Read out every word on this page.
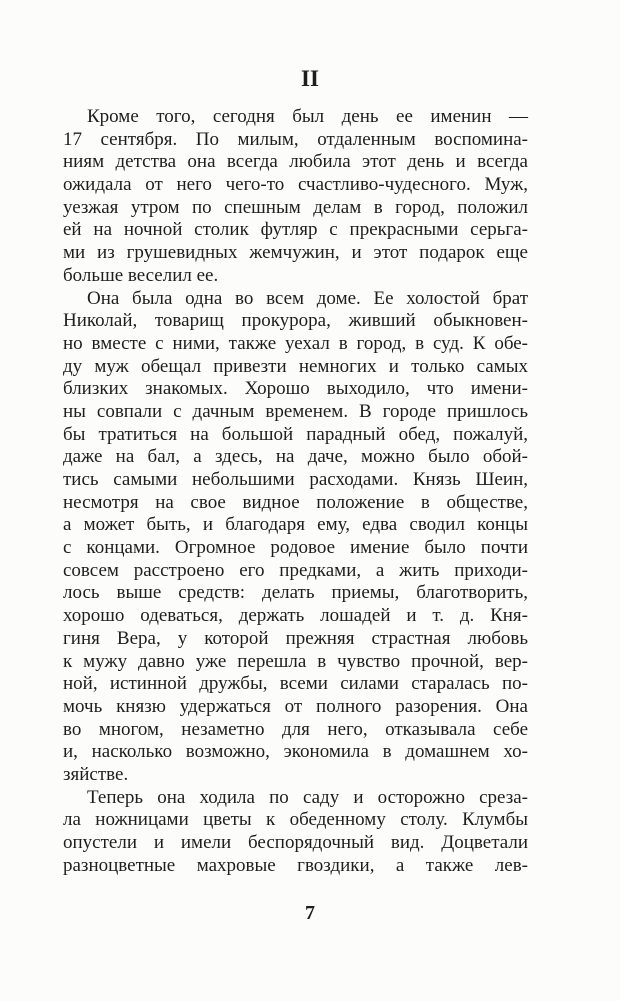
II
Кроме того, сегодня был день ее именин —
17 сентября. По милым, отдаленным воспомина-
ниям детства она всегда любила этот день и всегда
ожидала от него чего-то счастливо-чудесного. Муж,
уезжая утром по спешным делам в город, положил
ей на ночной столик футляр с прекрасными серьга-
ми из грушевидных жемчужин, и этот подарок еще
больше веселил ее.
Она была одна во всем доме. Ее холостой брат
Николай, товарищ прокурора, живший обыкновен-
но вместе с ними, также уехал в город, в суд. К обе-
ду муж обещал привезти немногих и только самых
близких знакомых. Хорошо выходило, что имени-
ны совпали с дачным временем. В городе пришлось
бы тратиться на большой парадный обед, пожалуй,
даже на бал, а здесь, на даче, можно было обой-
тись самыми небольшими расходами. Князь Шеин,
несмотря на свое видное положение в обществе,
а может быть, и благодаря ему, едва сводил концы
с концами. Огромное родовое имение было почти
совсем расстроено его предками, а жить приходи-
лось выше средств: делать приемы, благотворить,
хорошо одеваться, держать лошадей и т. д. Кня-
гиня Вера, у которой прежняя страстная любовь
к мужу давно уже перешла в чувство прочной, вер-
ной, истинной дружбы, всеми силами старалась по-
мочь князю удержаться от полного разорения. Она
во многом, незаметно для него, отказывала себе
и, насколько возможно, экономила в домашнем хо-
зяйстве.
Теперь она ходила по саду и осторожно среза-
ла ножницами цветы к обеденному столу. Клумбы
опустели и имели беспорядочный вид. Доцветали
разноцветные махровые гвоздики, а также лев-
7
